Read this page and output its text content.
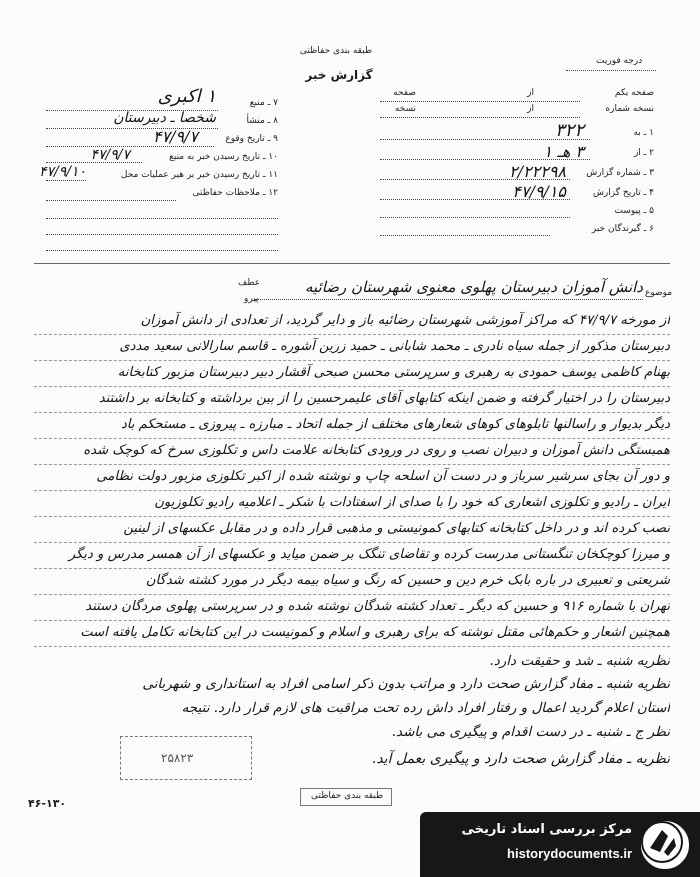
طبقه بندی حفاظتی
درجه فوریت
گزارش خبر
صفحه یکم
از
صفحه
نسخه شماره
از
نسخه
۱ ـ به
۳۲۲
۲ ـ از
۳ هـ ۱
۳ ـ شماره گزارش
۲/۲۲۲۹۸
۴ ـ تاریخ گزارش
۴۷/۹/۱۵
۵ ـ پیوست
۶ ـ گیرندگان خبر
۷ ـ منبع
۱ اکبری
۸ ـ منشأ
شخصا ـ دبیرستان
۹ ـ تاریخ وقوع
۴۷/۹/۷
۱۰ ـ تاریخ رسیدن خبر به منبع
۴۷/۹/۷
۱۱ ـ تاریخ رسیدن خبر بر هیر عملیات محل
۴۷/۹/۱۰
۱۲ ـ ملاحظات حفاظتی
موضوع
دانش آموزان دبیرستان پهلوی معنوی شهرستان رضائیه
عطف
پیرو
از مورخه ۴۷/۹/۷ که مراکز آموزشی شهرستان رضائیه باز و دایر گردید، از تعدادی از دانش آموزان
دبیرستان مذکور از جمله سیاه نادری ـ محمد شابانی ـ حمید زرین آشوره ـ قاسم سارالانی سعید مددی
بهنام کاظمی یوسف حمودی به رهبری و سرپرستی محسن صبحی آقشار دبیر دبیرستان مزبور کتابخانه
دبیرستان را در اختیار گرفته و ضمن اینکه کتابهای آقای علیمرحسین را از بین برداشته و کتابخانه بر داشتند
دیگر بدیوار و راسالنها تابلوهای کوهای شعارهای مختلف از جمله اتحاد ـ مبارزه ـ پیروزی ـ مستحکم باد
همبستگی دانش آموزان و دبیران نصب و روی در ورودی کتابخانه علامت داس و تکلوزی سرخ که کوچک شده
و دور آن بجای سرشیر سرباز و در دست آن اسلحه چاپ و نوشته شده از اکبر تکلوزی مزبور دولت نظامی
ایران ـ رادیو و تکلوزی اشعاری که خود را با صدای از اسفتادات با شکر ـ اعلامیه رادیو تکلوزیون
نصب کرده اند و در داخل کتابخانه کتابهای کمونیستی و مذهبی قرار داده و در مقابل عکسهای از لینین
و میرزا کوچکخان تنگستانی مدرست کرده و تقاضای تنگک بر ضمن میاید و عکسهای از آن همسر مدرس و دیگر
شریعتی و تعبیری در باره بابک خرم دین و حسین که رنگ و سیاه بیمه دیگر در مورد کشته شدگان
تهران با شماره ۹۱۶ و حسین که دیگر ـ تعداد کشته شدگان نوشته شده و در سرپرستی پهلوی مردگان دستند
همچنین اشعار و حکم‌هائی مقتل نوشته که برای رهبری و اسلام و کمونیست در این کتابخانه تکامل یافته است
نظریه شنبه ـ شد و حقیقت دارد.
نظریه شنبه ـ مفاد گزارش صحت دارد و مراتب بدون ذکر اسامی افراد به استانداری و شهربانی
استان اعلام گردید اعمال و رفتار افراد داش رده تحت مراقبت های لازم قرار دارد. نتیجه
نظر ج ـ شنبه ـ در دست اقدام و پیگیری می باشد.
نظریه ـ مفاد گزارش صحت دارد و پیگیری بعمل آید.
۲۵۸۲۳
طبقه بندی حفاظتی
۴۶-۱۳۰
مرکز بررسی اسناد تاریخی
historydocuments.ir
